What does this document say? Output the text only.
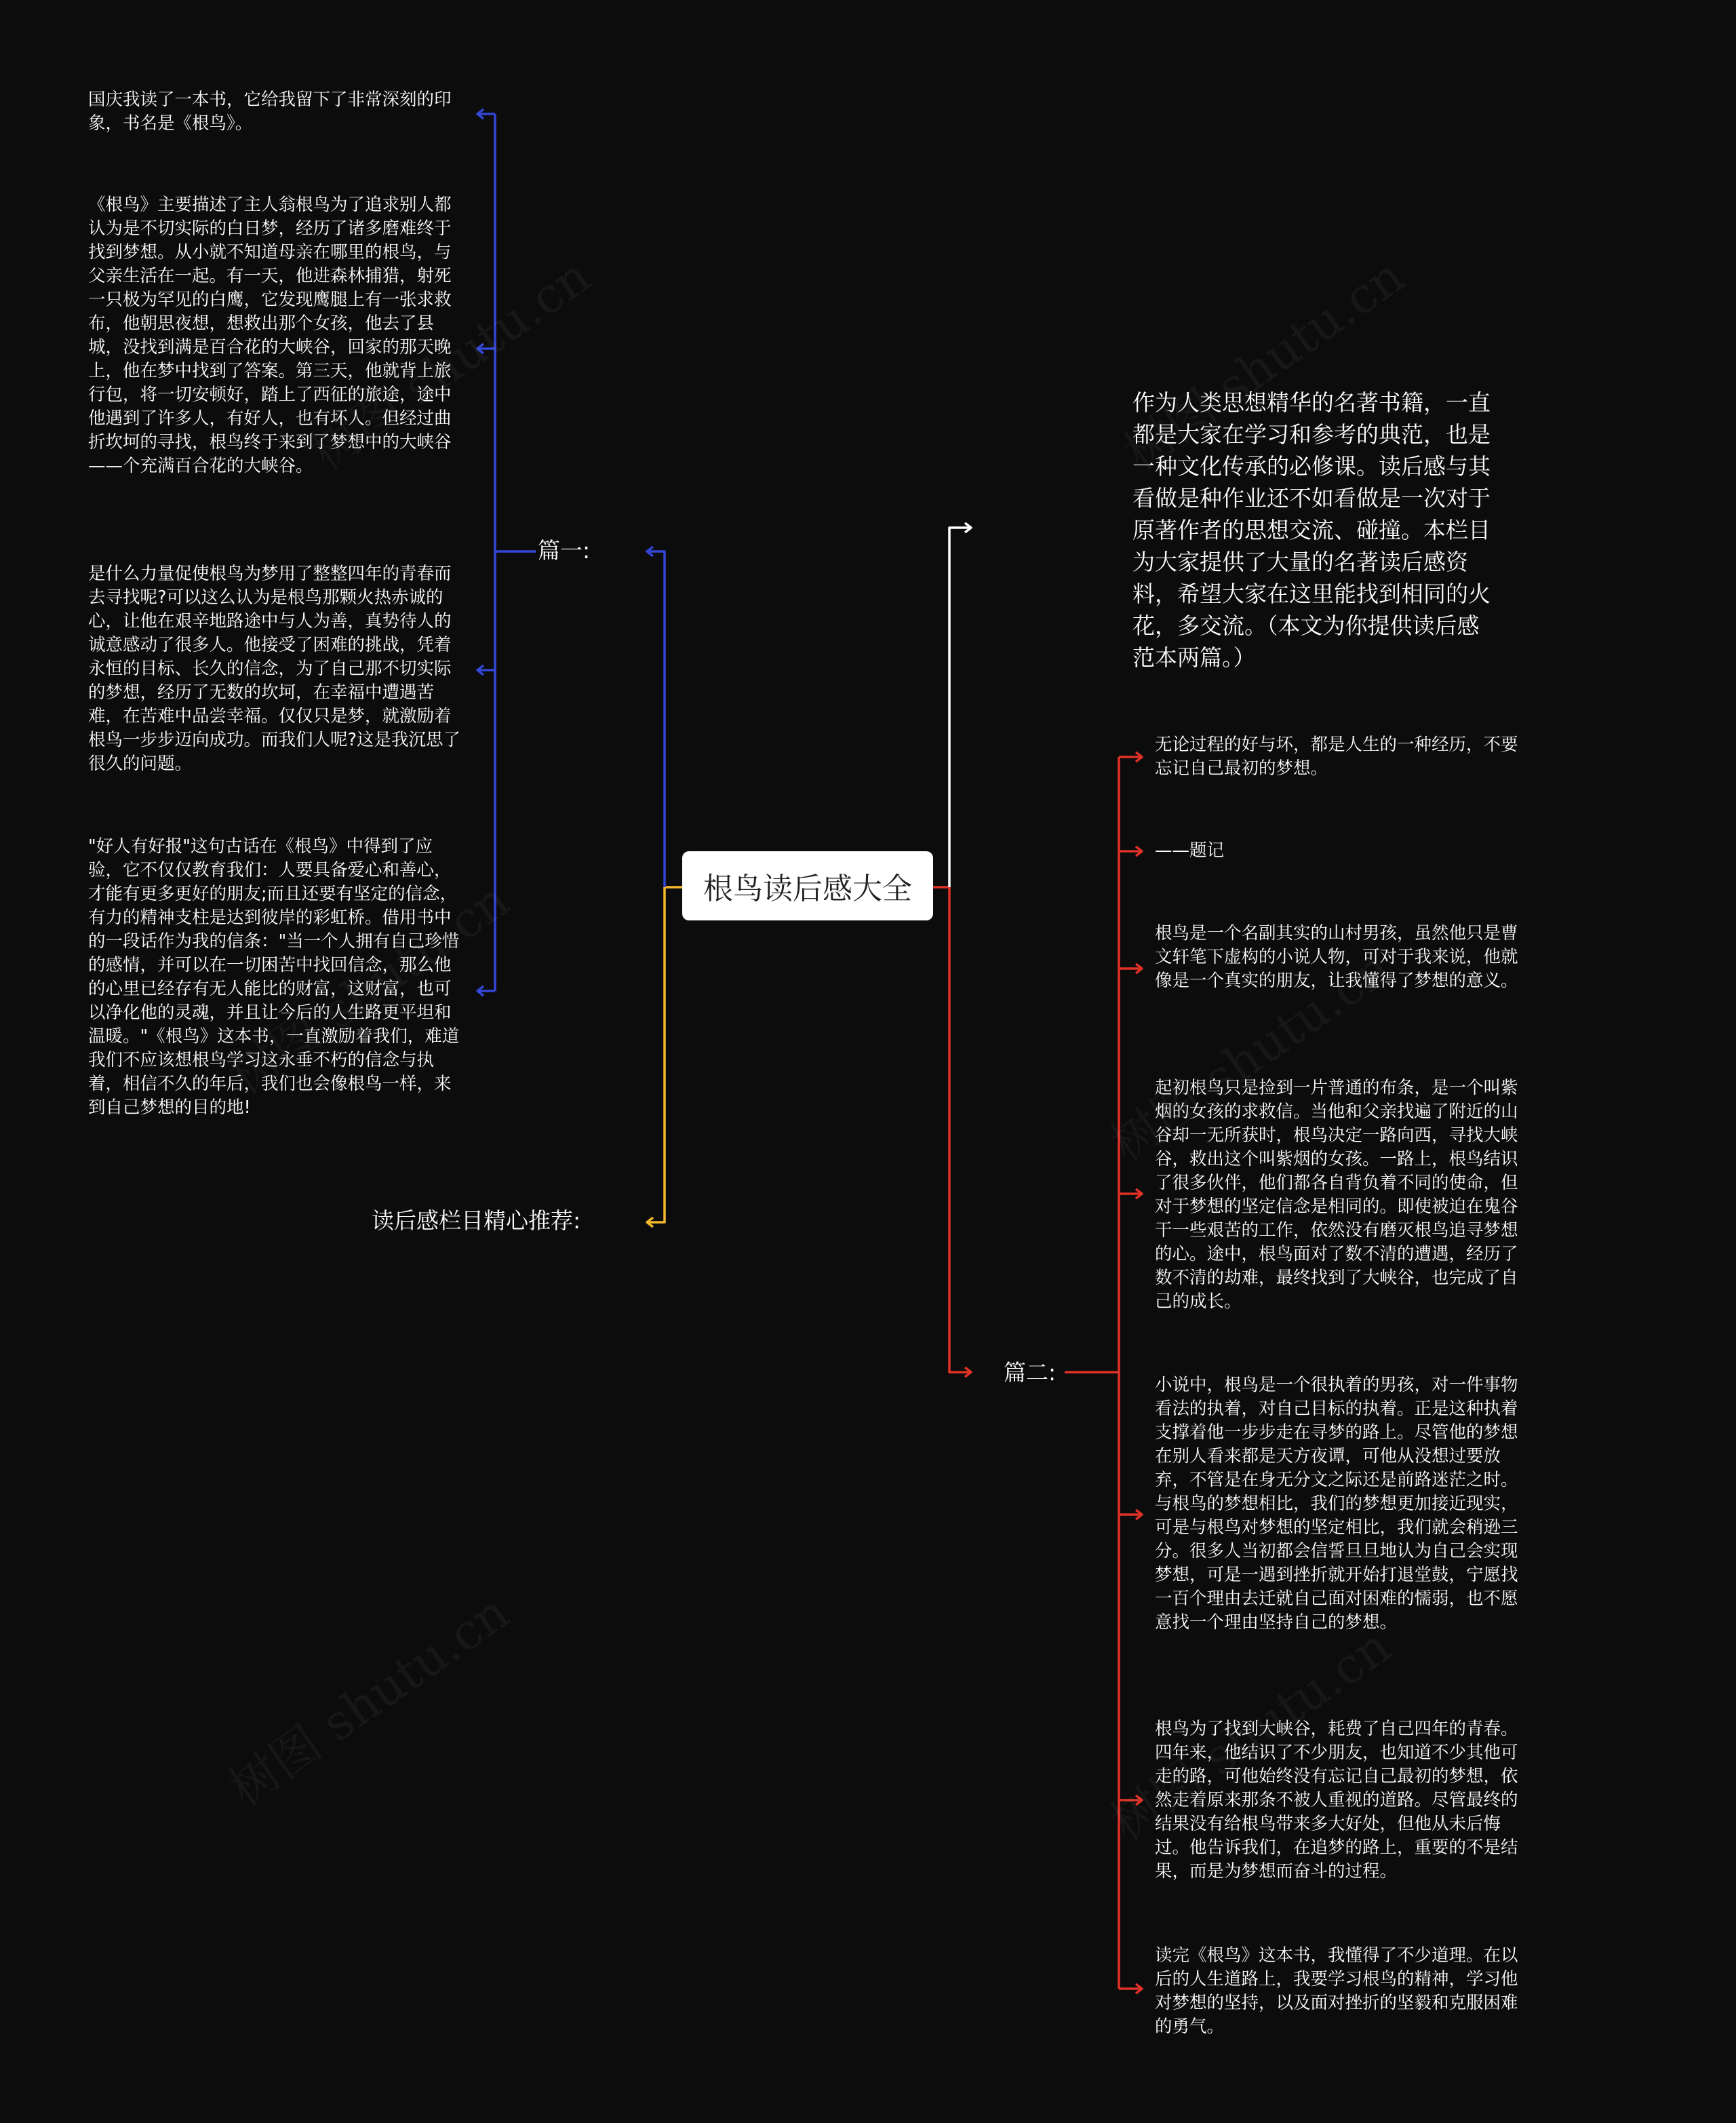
根鸟读后感大全
篇一:
读后感栏目精心推荐:
篇二:

作为人类思想精华的名著书籍，一直都是大家在学习和参考的典范，也是一种文化传承的必修课。读后感与其看做是种作业还不如看做是一次对于原著作者的思想交流、碰撞。本栏目为大家提供了大量的名著读后感资料，希望大家在这里能找到相同的火花，多交流。（本文为你提供读后感范本两篇。）

国庆我读了一本书，它给我留下了非常深刻的印象，书名是《根鸟》。

《根鸟》主要描述了主人翁根鸟为了追求别人都认为是不切实际的白日梦，经历了诸多磨难终于找到梦想。从小就不知道母亲在哪里的根鸟，与父亲生活在一起。有一天，他进森林捕猎，射死一只极为罕见的白鹰，它发现鹰腿上有一张求救布，他朝思夜想，想救出那个女孩，他去了县城，没找到满是百合花的大峡谷，回家的那天晚上，他在梦中找到了答案。第三天，他就背上旅行包，将一切安顿好，踏上了西征的旅途，途中他遇到了许多人，有好人，也有坏人。但经过曲折坎坷的寻找，根鸟终于来到了梦想中的大峡谷——个充满百合花的大峡谷。

是什么力量促使根鸟为梦用了整整四年的青春而去寻找呢?可以这么认为是根鸟那颗火热赤诚的心，让他在艰辛地路途中与人为善，真势待人的诚意感动了很多人。他接受了困难的挑战，凭着永恒的目标、长久的信念，为了自己那不切实际的梦想，经历了无数的坎坷，在幸福中遭遇苦难，在苦难中品尝幸福。仅仅只是梦，就激励着根鸟一步步迈向成功。而我们人呢?这是我沉思了很久的问题。

"好人有好报"这句古话在《根鸟》中得到了应验，它不仅仅教育我们：人要具备爱心和善心，才能有更多更好的朋友;而且还要有坚定的信念，有力的精神支柱是达到彼岸的彩虹桥。借用书中的一段话作为我的信条："当一个人拥有自己珍惜的感情，并可以在一切困苦中找回信念，那么他的心里已经存有无人能比的财富，这财富，也可以净化他的灵魂，并且让今后的人生路更平坦和温暖。"《根鸟》这本书，一直激励着我们，难道我们不应该想根鸟学习这永垂不朽的信念与执着，相信不久的年后，我们也会像根鸟一样，来到自己梦想的目的地!

无论过程的好与坏，都是人生的一种经历，不要忘记自己最初的梦想。

——题记

根鸟是一个名副其实的山村男孩，虽然他只是曹文轩笔下虚构的小说人物，可对于我来说，他就像是一个真实的朋友，让我懂得了梦想的意义。

起初根鸟只是捡到一片普通的布条，是一个叫紫烟的女孩的求救信。当他和父亲找遍了附近的山谷却一无所获时，根鸟决定一路向西，寻找大峡谷，救出这个叫紫烟的女孩。一路上，根鸟结识了很多伙伴，他们都各自背负着不同的使命，但对于梦想的坚定信念是相同的。即使被迫在鬼谷干一些艰苦的工作，依然没有磨灭根鸟追寻梦想的心。途中，根鸟面对了数不清的遭遇，经历了数不清的劫难，最终找到了大峡谷，也完成了自己的成长。

小说中，根鸟是一个很执着的男孩，对一件事物看法的执着，对自己目标的执着。正是这种执着支撑着他一步步走在寻梦的路上。尽管他的梦想在别人看来都是天方夜谭，可他从没想过要放弃，不管是在身无分文之际还是前路迷茫之时。与根鸟的梦想相比，我们的梦想更加接近现实，可是与根鸟对梦想的坚定相比，我们就会稍逊三分。很多人当初都会信誓旦旦地认为自己会实现梦想，可是一遇到挫折就开始打退堂鼓，宁愿找一百个理由去迁就自己面对困难的懦弱，也不愿意找一个理由坚持自己的梦想。

根鸟为了找到大峡谷，耗费了自己四年的青春。四年来，他结识了不少朋友，也知道不少其他可走的路，可他始终没有忘记自己最初的梦想，依然走着原来那条不被人重视的道路。尽管最终的结果没有给根鸟带来多大好处，但他从未后悔过。他告诉我们，在追梦的路上，重要的不是结果，而是为梦想而奋斗的过程。

读完《根鸟》这本书，我懂得了不少道理。在以后的人生道路上，我要学习根鸟的精神，学习他对梦想的坚持，以及面对挫折的坚毅和克服困难的勇气。
